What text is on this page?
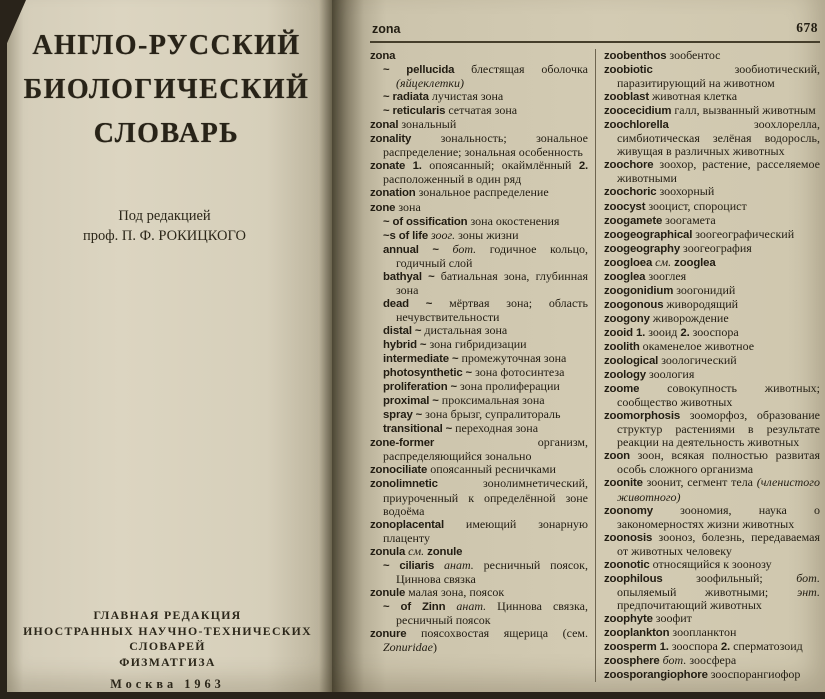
АНГЛО-РУССКИЙ
БИОЛОГИЧЕСКИЙ
СЛОВАРЬ
Под редакцией
проф. П. Ф. РОКИЦКОГО
ГЛАВНАЯ РЕДАКЦИЯ
ИНОСТРАННЫХ НАУЧНО-ТЕХНИЧЕСКИХ СЛОВАРЕЙ
ФИЗМАТГИЗА
Москва 1963
zona	678

zona

~ pellucida блестящая оболочка (яйцеклетки)

~ radiata лучистая зона

~ reticularis сетчатая зона

zonal зональный

zonality зональность; зональное распределение; зональная особенность

zonate 1. опоясанный; окаймлённый 2. расположенный в один ряд

zonation зональное распределение

zone зона

~ of ossification зона окостенения

~s of life зоог. зоны жизни

annual ~ бот. годичное кольцо, годичный слой

bathyal ~ батиальная зона, глубинная зона

dead ~ мёртвая зона; область нечувствительности

distal ~ дистальная зона

hybrid ~ зона гибридизации

intermediate ~ промежуточная зона

photosynthetic ~ зона фотосинтеза

proliferation ~ зона пролиферации

proximal ~ проксимальная зона

spray ~ зона брызг, супралитораль

transitional ~ переходная зона

zone-former организм, распределяющийся зонально

zonociliate опоясанный ресничками

zonolimnetic зонолимнетический, приуроченный к определённой зоне водоёма

zonoplacental имеющий зонарную плаценту

zonula см. zonule

~ ciliaris анат. ресничный поясок, Циннова связка

zonule малая зона, поясок

~ of Zinn анат. Циннова связка, ресничный поясок

zonure поясохвостая ящерица (сем. Zonuridae)

zoobenthos зообентос

zoobiotic зообиотический, паразитирующий на животном

zooblast животная клетка

zoocecidium галл, вызванный животным

zoochlorella зоохлорелла, симбиотическая зелёная водоросль, живущая в различных животных

zoochore зоохор, растение, расселяемое животными

zoochoric зоохорный

zoocyst зооцист, спороцист

zoogamete зоогамета

zoogeographical зоогеографический

zoogeography зоогеография

zoogloea см. zooglea

zooglea зооглея

zoogonidium зоогонидий

zoogonous живородящий

zoogony живорождение

zooid 1. зооид 2. зооспора

zoolith окаменелое животное

zoological зоологический

zoology зоология

zoome совокупность животных; сообщество животных

zoomorphosis зооморфоз, образование структур растениями в результате реакции на деятельность животных

zoon зоон, всякая полностью развитая особь сложного организма

zoonite зоонит, сегмент тела (членистого животного)

zoonomy зоономия, наука о закономерностях жизни животных

zoonosis зооноз, болезнь, передаваемая от животных человеку

zoonotic относящийся к зоонозу

zoophilous зоофильный; бот. опыляемый животными; энт. предпочитающий животных

zoophyte зоофит

zooplankton зоопланктон

zoosperm 1. зооспора 2. сперматозоид

zoosphere бот. зоосфера

zoosporangiophore зооспорангиофор
